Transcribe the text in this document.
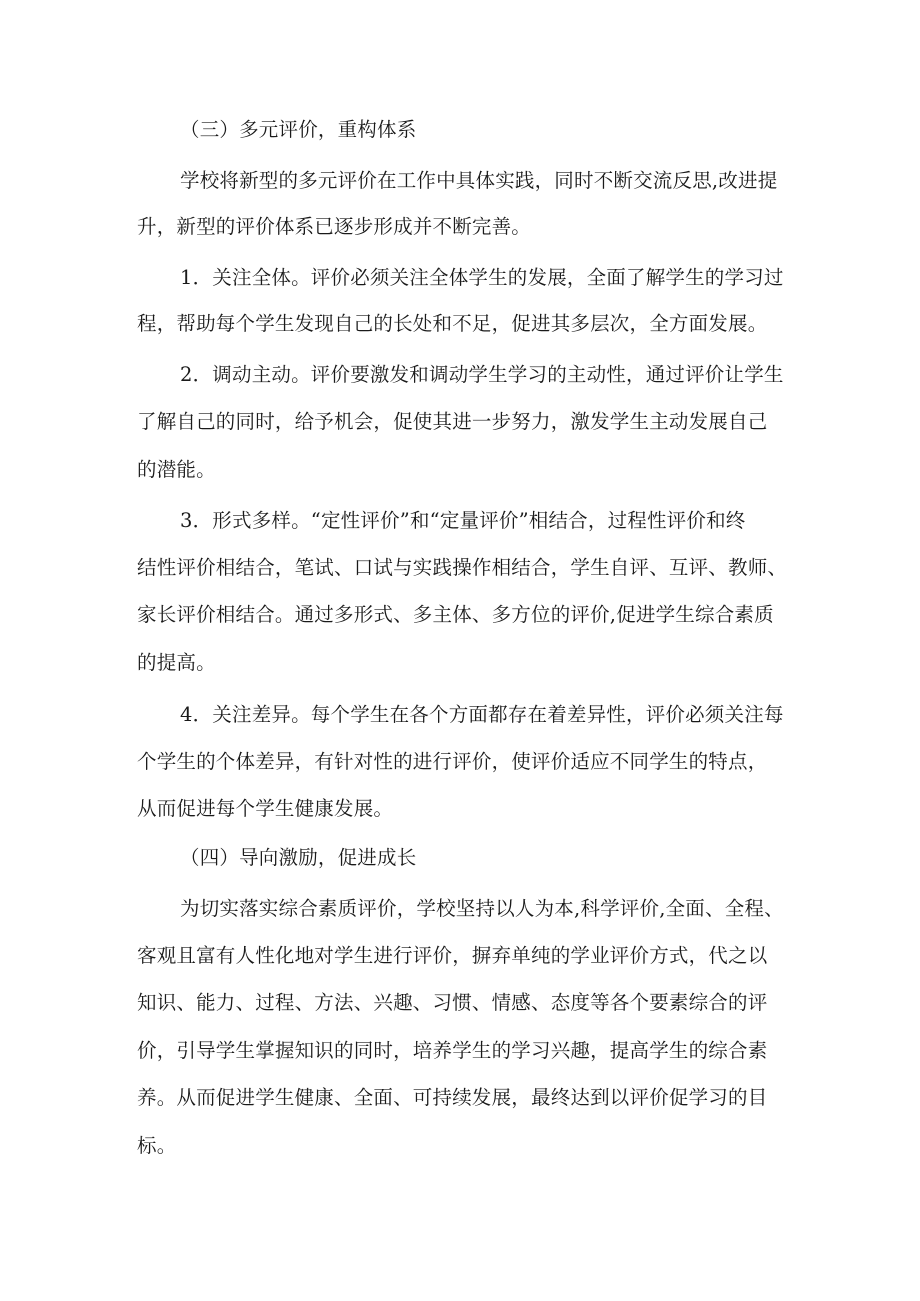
（三）多元评价，重构体系
学校将新型的多元评价在工作中具体实践，同时不断交流反思,改进提
升，新型的评价体系已逐步形成并不断完善。
1．关注全体。评价必须关注全体学生的发展，全面了解学生的学习过
程，帮助每个学生发现自己的长处和不足，促进其多层次，全方面发展。
2．调动主动。评价要激发和调动学生学习的主动性，通过评价让学生
了解自己的同时，给予机会，促使其进一步努力，激发学生主动发展自己
的潜能。
3．形式多样。“定性评价”和“定量评价”相结合，过程性评价和终
结性评价相结合，笔试、口试与实践操作相结合，学生自评、互评、教师、
家长评价相结合。通过多形式、多主体、多方位的评价,促进学生综合素质
的提高。
4．关注差异。每个学生在各个方面都存在着差异性，评价必须关注每
个学生的个体差异，有针对性的进行评价，使评价适应不同学生的特点，
从而促进每个学生健康发展。
（四）导向激励，促进成长
为切实落实综合素质评价，学校坚持以人为本,科学评价,全面、全程、
客观且富有人性化地对学生进行评价，摒弃单纯的学业评价方式，代之以
知识、能力、过程、方法、兴趣、习惯、情感、态度等各个要素综合的评
价，引导学生掌握知识的同时，培养学生的学习兴趣，提高学生的综合素
养。从而促进学生健康、全面、可持续发展，最终达到以评价促学习的目
标。
